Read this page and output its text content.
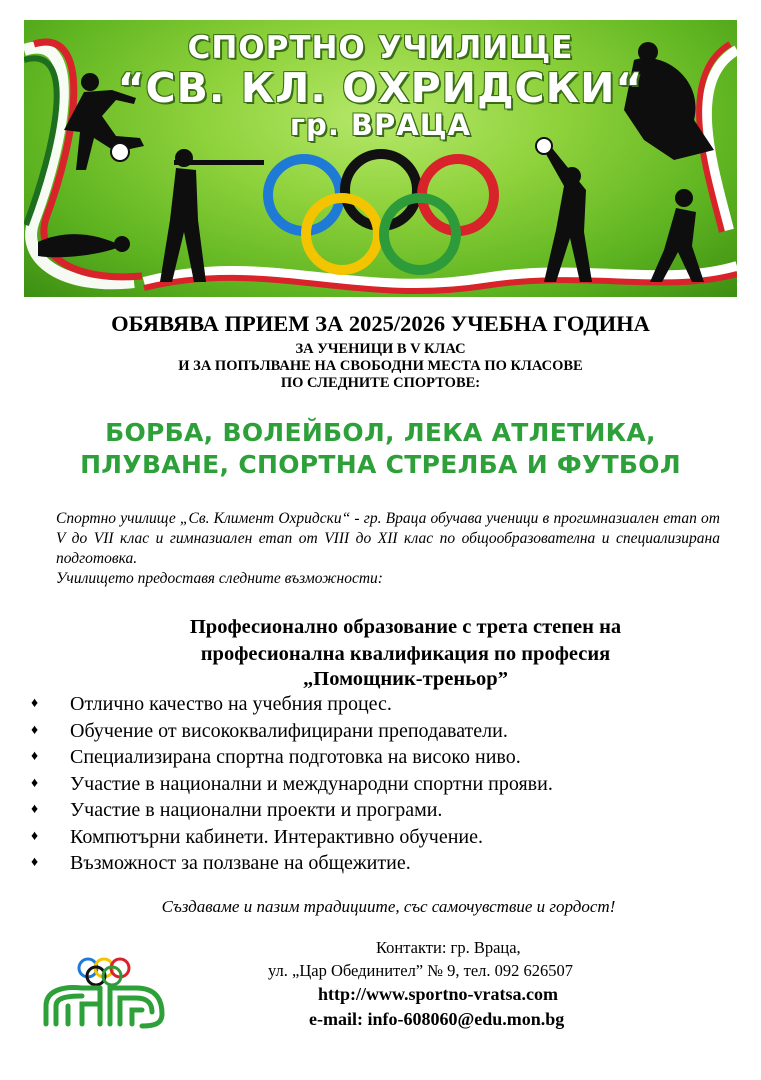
СПОРТНО УЧИЛИЩЕ
“СВ. КЛ. ОХРИДСКИ“
гр. ВРАЦА
ОБЯВЯВА ПРИЕМ ЗА 2025/2026 УЧЕБНА ГОДИНА
ЗА УЧЕНИЦИ В V КЛАС
И ЗА ПОПЪЛВАНЕ НА СВОБОДНИ МЕСТА ПО КЛАСОВЕ
ПО СЛЕДНИТЕ СПОРТОВЕ:
БОРБА, ВОЛЕЙБОЛ, ЛЕКА АТЛЕТИКА,
ПЛУВАНЕ, СПОРТНА СТРЕЛБА И ФУТБОЛ

Спортно училище „Св. Климент Охридски“ - гр. Враца обучава ученици в прогимназиален етап от V до VII клас и гимназиален етап от VIII до XII клас по общообразователна и специализирана подготовка.

Училището предоставя следните възможности:

Професионално образование с трета степен на
професионална квалификация по професия
„Помощник-треньор”
♦ Отлично качество на учебния процес.
♦ Обучение от висококвалифицирани преподаватели.
♦ Специализирана спортна подготовка на високо ниво.
♦ Участие в национални и международни спортни прояви.
♦ Участие в национални проекти и програми.
♦ Компютърни кабинети. Интерактивно обучение.
♦ Възможност за ползване на общежитие.
Създаваме и пазим традициите, със самочувствие и гордост!
Контакти: гр. Враца,
ул. „Цар Обединител” № 9, тел. 092 626507
http://www.sportno-vratsa.com
e-mail: info-608060@edu.mon.bg
